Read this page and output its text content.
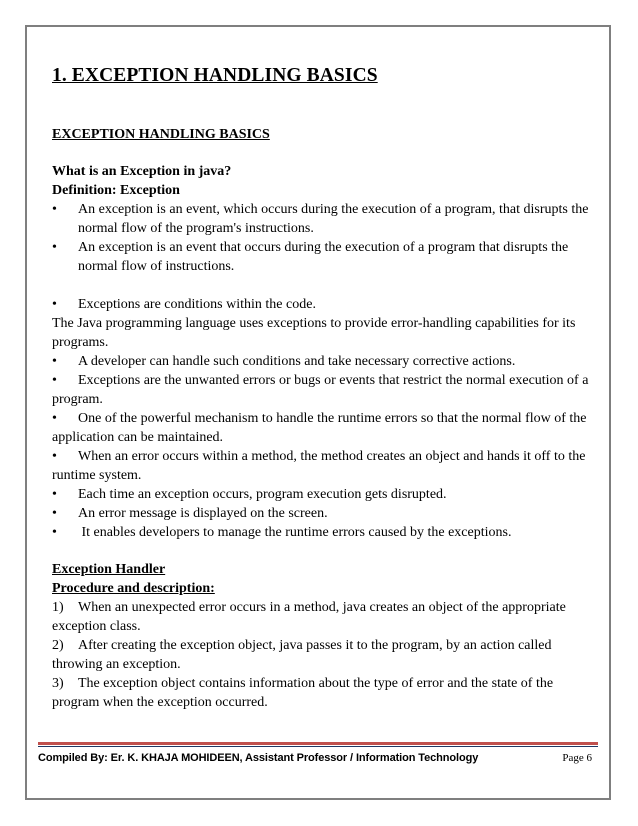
1. EXCEPTION HANDLING BASICS

EXCEPTION HANDLING BASICS

What is an Exception in java?

Definition: Exception

• An exception is an event, which occurs during the execution of a program, that disrupts the normal flow of the program's instructions.
• An exception is an event that occurs during the execution of a program that disrupts the normal flow of instructions.
• Exceptions are conditions within the code.

The Java programming language uses exceptions to provide error-handling capabilities for its programs.

• A developer can handle such conditions and take necessary corrective actions.

• Exceptions are the unwanted errors or bugs or events that restrict the normal execution of a program.

• One of the powerful mechanism to handle the runtime errors so that the normal flow of the application can be maintained.

• When an error occurs within a method, the method creates an object and hands it off to the runtime system.

• Each time an exception occurs, program execution gets disrupted.
• An error message is displayed on the screen.
• It enables developers to manage the runtime errors caused by the exceptions.

Exception Handler

Procedure and description:

1) When an unexpected error occurs in a method, java creates an object of the appropriate exception class.

2) After creating the exception object, java passes it to the program, by an action called throwing an exception.

3) The exception object contains information about the type of error and the state of the program when the exception occurred.

Compiled By: Er. K. KHAJA MOHIDEEN, Assistant Professor / Information Technology	Page 6
